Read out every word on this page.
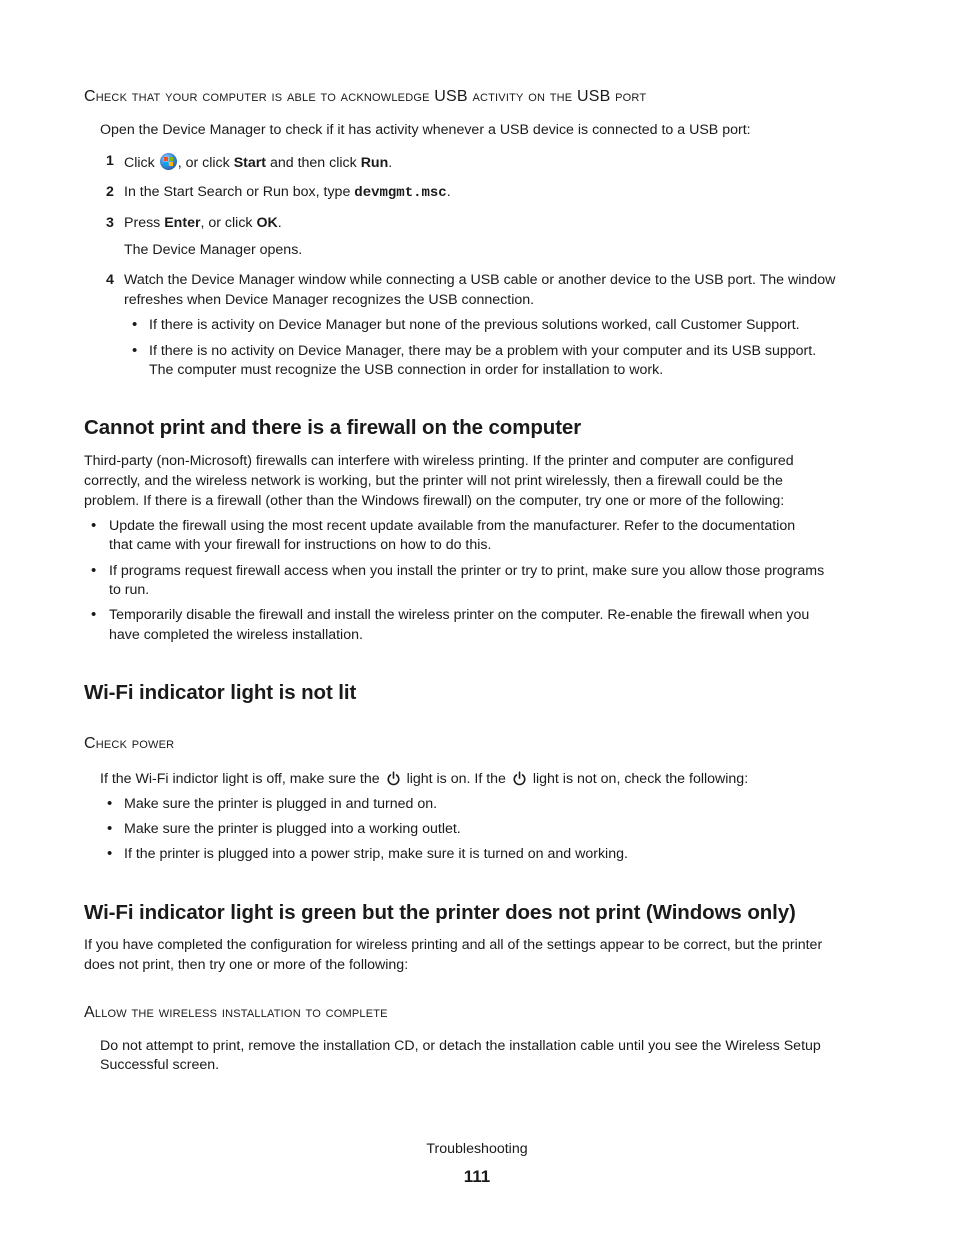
Check that your computer is able to acknowledge USB activity on the USB port
Open the Device Manager to check if it has activity whenever a USB device is connected to a USB port:
1 Click , or click Start and then click Run.
2 In the Start Search or Run box, type devmgmt.msc.
3 Press Enter, or click OK.
The Device Manager opens.
4 Watch the Device Manager window while connecting a USB cable or another device to the USB port. The window
refreshes when Device Manager recognizes the USB connection.
• If there is activity on Device Manager but none of the previous solutions worked, call Customer Support.
• If there is no activity on Device Manager, there may be a problem with your computer and its USB support.
The computer must recognize the USB connection in order for installation to work.
Cannot print and there is a firewall on the computer
Third-party (non-Microsoft) firewalls can interfere with wireless printing. If the printer and computer are configured
correctly, and the wireless network is working, but the printer will not print wirelessly, then a firewall could be the
problem. If there is a firewall (other than the Windows firewall) on the computer, try one or more of the following:
• Update the firewall using the most recent update available from the manufacturer. Refer to the documentation
that came with your firewall for instructions on how to do this.
• If programs request firewall access when you install the printer or try to print, make sure you allow those programs
to run.
• Temporarily disable the firewall and install the wireless printer on the computer. Re-enable the firewall when you
have completed the wireless installation.
Wi-Fi indicator light is not lit
Check power
If the Wi-Fi indictor light is off, make sure the light is on. If the light is not on, check the following:
• Make sure the printer is plugged in and turned on.
• Make sure the printer is plugged into a working outlet.
• If the printer is plugged into a power strip, make sure it is turned on and working.
Wi-Fi indicator light is green but the printer does not print (Windows only)
If you have completed the configuration for wireless printing and all of the settings appear to be correct, but the printer
does not print, then try one or more of the following:
Allow the wireless installation to complete
Do not attempt to print, remove the installation CD, or detach the installation cable until you see the Wireless Setup
Successful screen.
Troubleshooting
111
